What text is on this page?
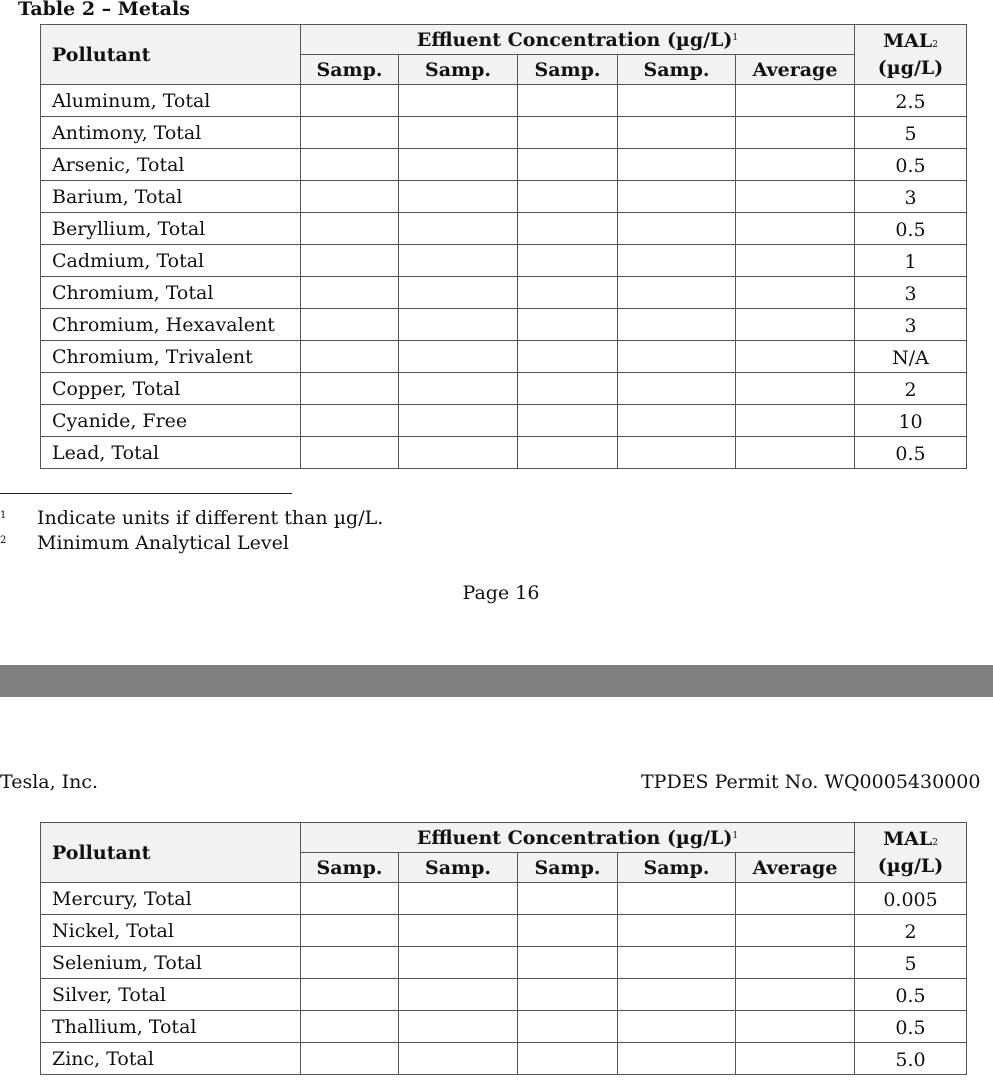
Table 2 – Metals
Pollutant	Effluent Concentration $(\mu g/L)^1$					MAL$^2$
(µg/L)
	Samp.	Samp.	Samp.	Samp.	Average	
Aluminum, Total						2.5
Antimony, Total						5
Arsenic, Total						0.5
Barium, Total						3
Beryllium, Total						0.5
Cadmium, Total						1
Chromium, Total						3
Chromium, Hexavalent						3
Chromium, Trivalent						N/A
Copper, Total						2
Cyanide, Free						10
Lead, Total						0.5
1 Indicate units if different than µg/L.
2 Minimum Analytical Level
Page 16
Tesla, Inc.	TPDES Permit No. WQ0005430000
Pollutant	Effluent Concentration $(\mu g/L)^1$					MAL$^2$
(µg/L)
	Samp.	Samp.	Samp.	Samp.	Average	
Mercury, Total						0.005
Nickel, Total						2
Selenium, Total						5
Silver, Total						0.5
Thallium, Total						0.5
Zinc, Total						5.0
